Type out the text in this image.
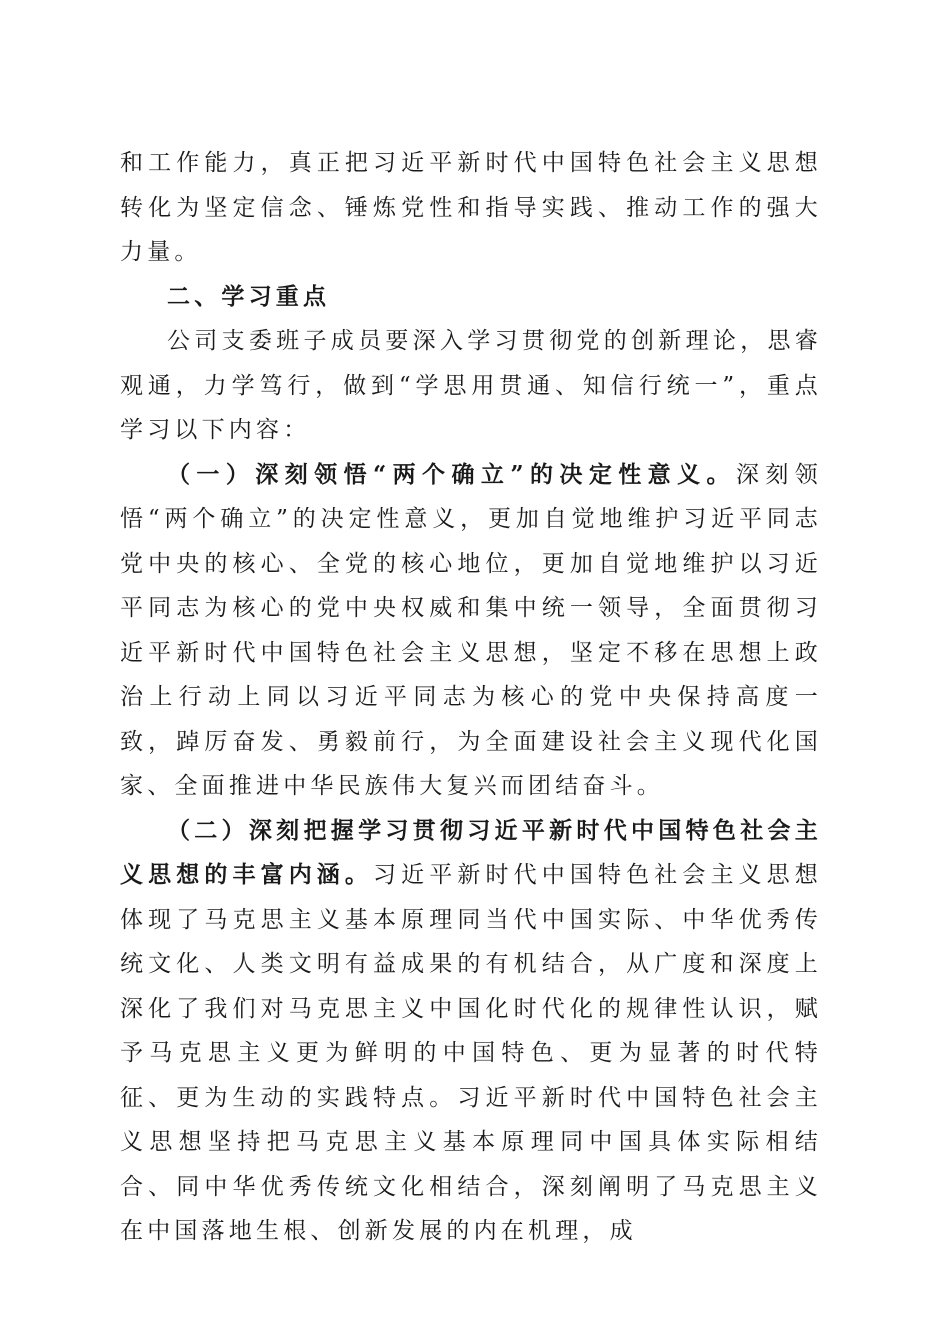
和工作能力，真正把习近平新时代中国特色社会主义思想转化为坚定信念、锤炼党性和指导实践、推动工作的强大力量。

二、学习重点

公司支委班子成员要深入学习贯彻党的创新理论，思睿观通，力学笃行，做到“学思用贯通、知信行统一”，重点学习以下内容：

（一）深刻领悟“两个确立”的决定性意义。深刻领悟“两个确立”的决定性意义，更加自觉地维护习近平同志党中央的核心、全党的核心地位，更加自觉地维护以习近平同志为核心的党中央权威和集中统一领导，全面贯彻习近平新时代中国特色社会主义思想，坚定不移在思想上政治上行动上同以习近平同志为核心的党中央保持高度一致，踔厉奋发、勇毅前行，为全面建设社会主义现代化国家、全面推进中华民族伟大复兴而团结奋斗。

（二）深刻把握学习贯彻习近平新时代中国特色社会主义思想的丰富内涵。习近平新时代中国特色社会主义思想体现了马克思主义基本原理同当代中国实际、中华优秀传统文化、人类文明有益成果的有机结合，从广度和深度上深化了我们对马克思主义中国化时代化的规律性认识，赋予马克思主义更为鲜明的中国特色、更为显著的时代特征、更为生动的实践特点。习近平新时代中国特色社会主义思想坚持把马克思主义基本原理同中国具体实际相结合、同中华优秀传统文化相结合，深刻阐明了马克思主义在中国落地生根、创新发展的内在机理，成
